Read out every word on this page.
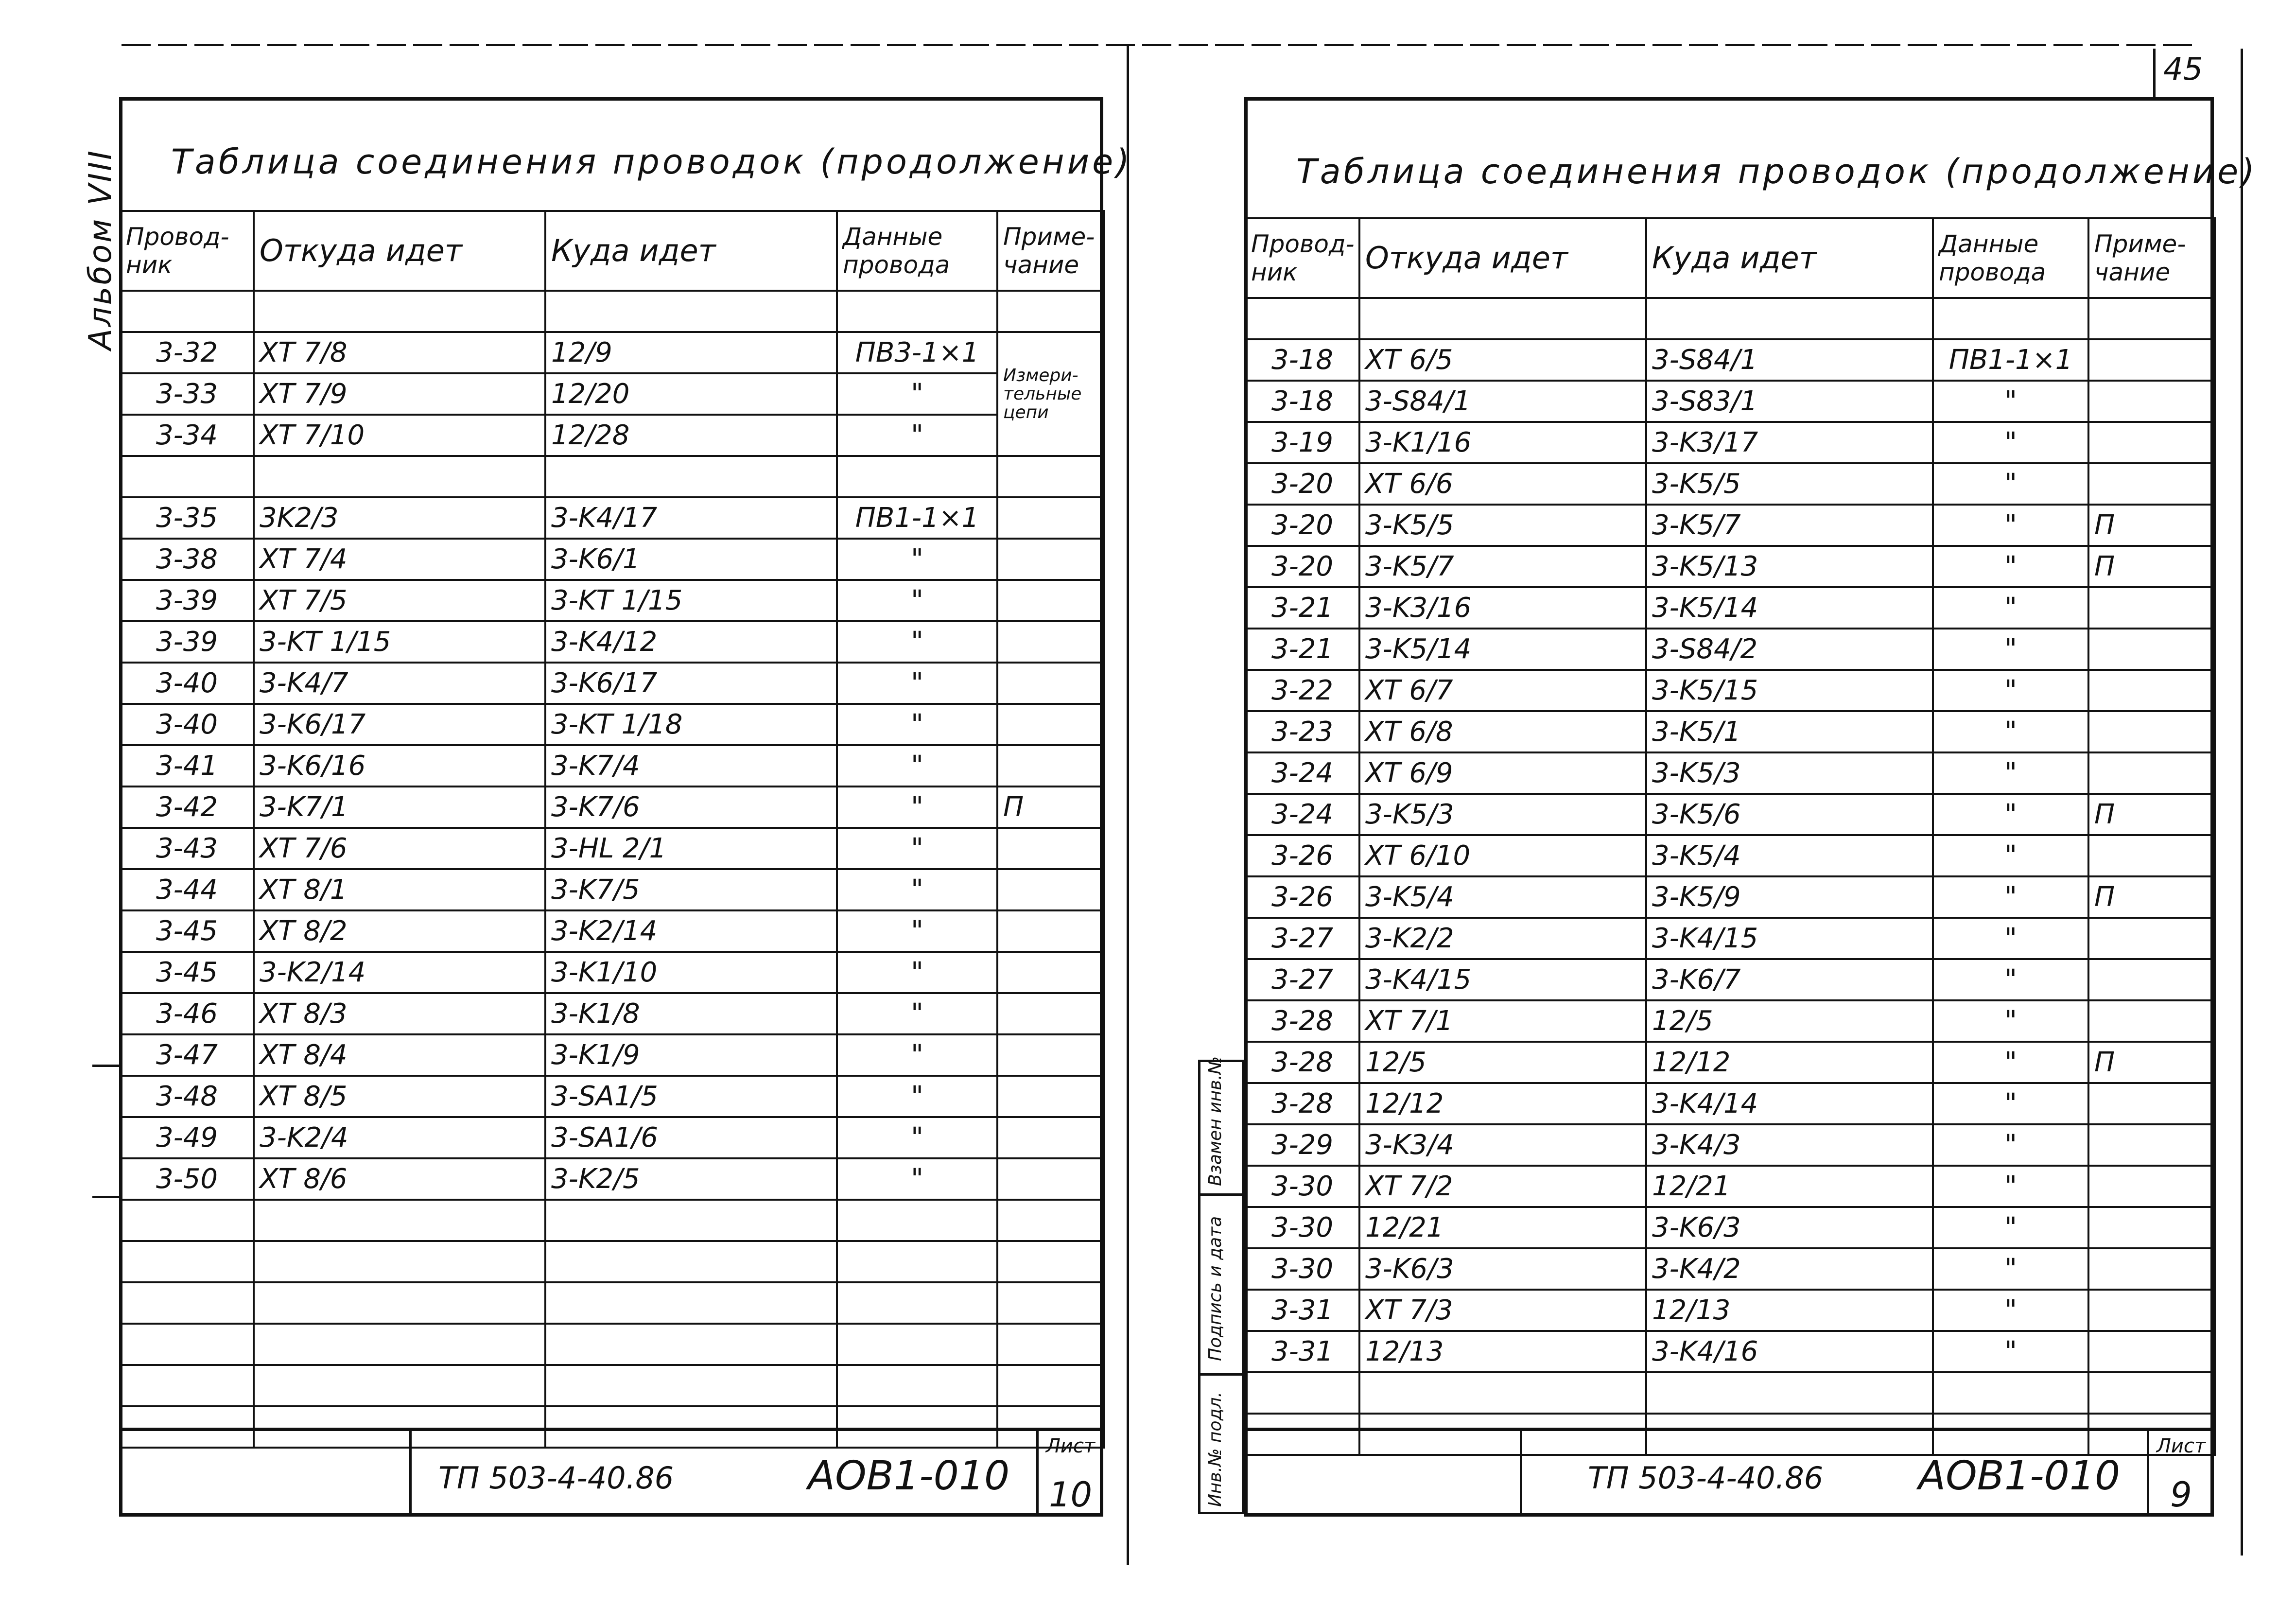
45
Альбом VIII Таблица соединения проводок (продолжение)
Провод-ник	Откуда идет	Куда идет	Данные провода	Приме-чание

3-32	XT 7/8	12/9	ПВ3-1×1	Измери-тельные цепи
3-33	XT 7/9	12/20	"	
3-34	XT 7/10	12/28	"	

3-35	3K2/3	3-K4/17	ПВ1-1×1	
3-38	XT 7/4	3-K6/1	"	
3-39	XT 7/5	3-KT 1/15	"	
3-39	3-KT 1/15	3-K4/12	"	
3-40	3-K4/7	3-K6/17	"	
3-40	3-K6/17	3-KT 1/18	"	
3-41	3-K6/16	3-K7/4	"	
3-42	3-K7/1	3-K7/6	"	П
3-43	XT 7/6	3-HL 2/1	"	
3-44	XT 8/1	3-K7/5	"	
3-45	XT 8/2	3-K2/14	"	
3-45	3-K2/14	3-K1/10	"	
3-46	XT 8/3	3-K1/8	"	
3-47	XT 8/4	3-K1/9	"	
3-48	XT 8/5	3-SA1/5	"	
3-49	3-K2/4	3-SA1/6	"	
3-50	XT 8/6	3-K2/5	"	

ТП 503-4-40.86	АОВ1-010
Лист
10
Взамен инв.№
Подпись и дата
Инв.№ подл.
Таблица соединения проводок (продолжение)
Провод-ник	Откуда идет	Куда идет	Данные провода	Приме-чание

3-18	XT 6/5	3-S84/1	ПВ1-1×1	
3-18	3-S84/1	3-S83/1	"	
3-19	3-K1/16	3-K3/17	"	
3-20	XT 6/6	3-K5/5	"	
3-20	3-K5/5	3-K5/7	"	П
3-20	3-K5/7	3-K5/13	"	П
3-21	3-K3/16	3-K5/14	"	
3-21	3-K5/14	3-S84/2	"	
3-22	XT 6/7	3-K5/15	"	
3-23	XT 6/8	3-K5/1	"	
3-24	XT 6/9	3-K5/3	"	
3-24	3-K5/3	3-K5/6	"	П
3-26	XT 6/10	3-K5/4	"	
3-26	3-K5/4	3-K5/9	"	П
3-27	3-K2/2	3-K4/15	"	
3-27	3-K4/15	3-K6/7	"	
3-28	XT 7/1	12/5	"	
3-28	12/5	12/12	"	П
3-28	12/12	3-K4/14	"	
3-29	3-K3/4	3-K4/3	"	
3-30	XT 7/2	12/21	"	
3-30	12/21	3-K6/3	"	
3-30	3-K6/3	3-K4/2	"	
3-31	XT 7/3	12/13	"	
3-31	12/13	3-K4/16	"	

ТП 503-4-40.86 АОВ1-010
Лист
9
